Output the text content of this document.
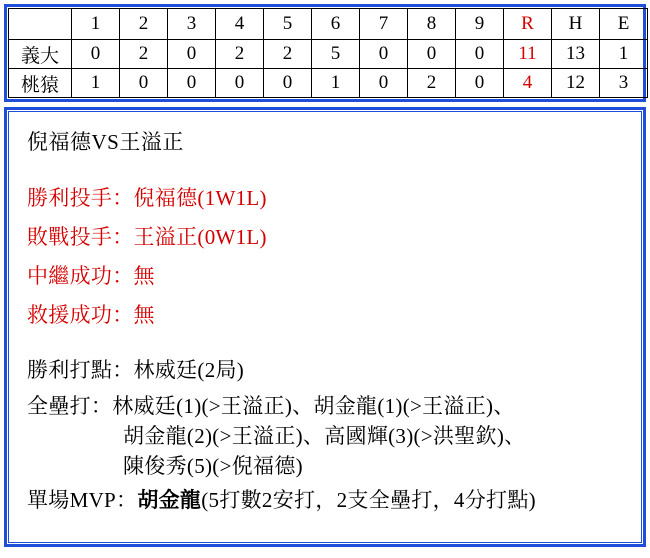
	1	2	3	4	5	6	7	8	9	R	H	E
義大	0	2	0	2	2	5	0	0	0	11	13	1
桃猿	1	0	0	0	0	1	0	2	0	4	12	3
倪福德VS王溢正
勝利投手：倪福德(1W1L)
敗戰投手：王溢正(0W1L)
中繼成功：無
救援成功：無
勝利打點：林威廷(2局)
全壘打：林威廷(1)(>王溢正)、胡金龍(1)(>王溢正)、
胡金龍(2)(>王溢正)、高國輝(3)(>洪聖欽)、
陳俊秀(5)(>倪福德)
單場MVP：胡金龍(5打數2安打，2支全壘打，4分打點)
